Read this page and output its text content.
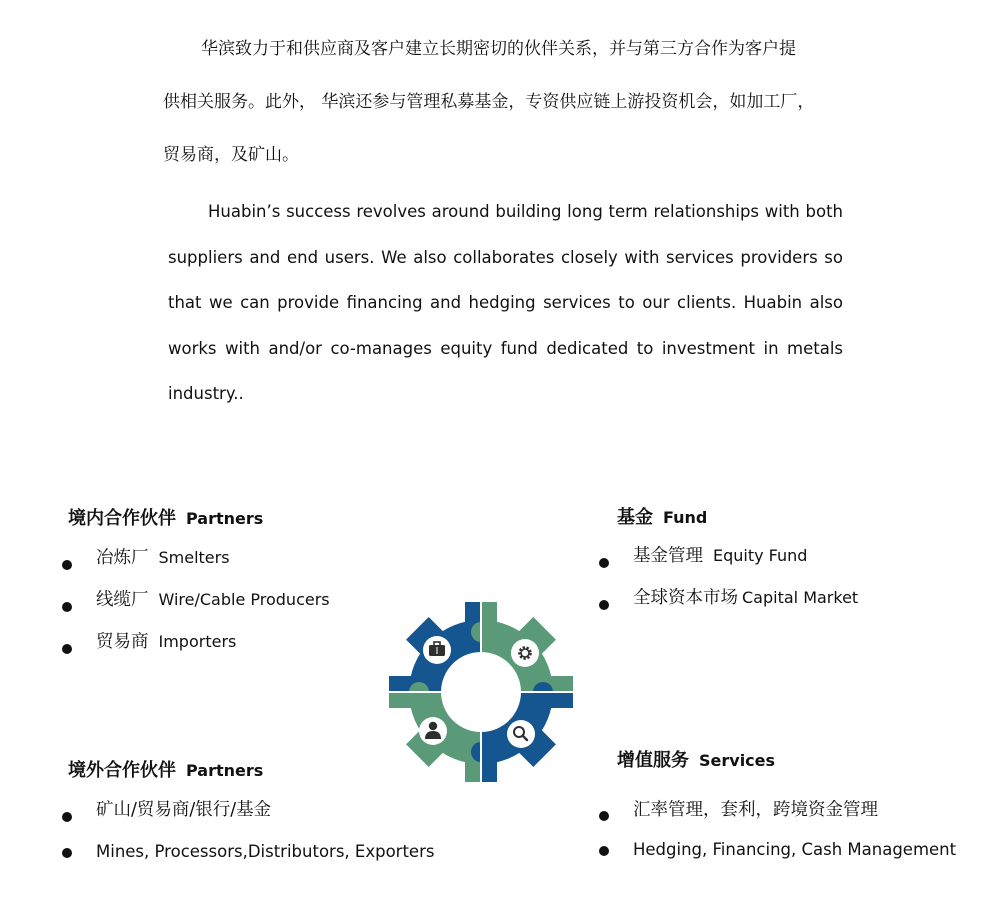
华滨致力于和供应商及客户建立长期密切的伙伴关系，并与第三方合作为客户提
供相关服务。此外， 华滨还参与管理私募基金，专资供应链上游投资机会，如加工厂，
贸易商，及矿山。

Huabin’s success revolves around building long term relationships with both suppliers and end users. We also collaborates closely with services providers so that we can provide financing and hedging services to our clients. Huabin also works with and/or co-manages equity fund dedicated to investment in metals industry..

境内合作伙伴 Partners
冶炼厂 Smelters
线缆厂 Wire/Cable Producers
贸易商 Importers
境外合作伙伴 Partners
矿山/贸易商/银行/基金
Mines, Processors,Distributors, Exporters
基金 Fund
基金管理 Equity Fund
全球资本市场 Capital Market
增值服务 Services
汇率管理，套利，跨境资金管理
Hedging, Financing, Cash Management
